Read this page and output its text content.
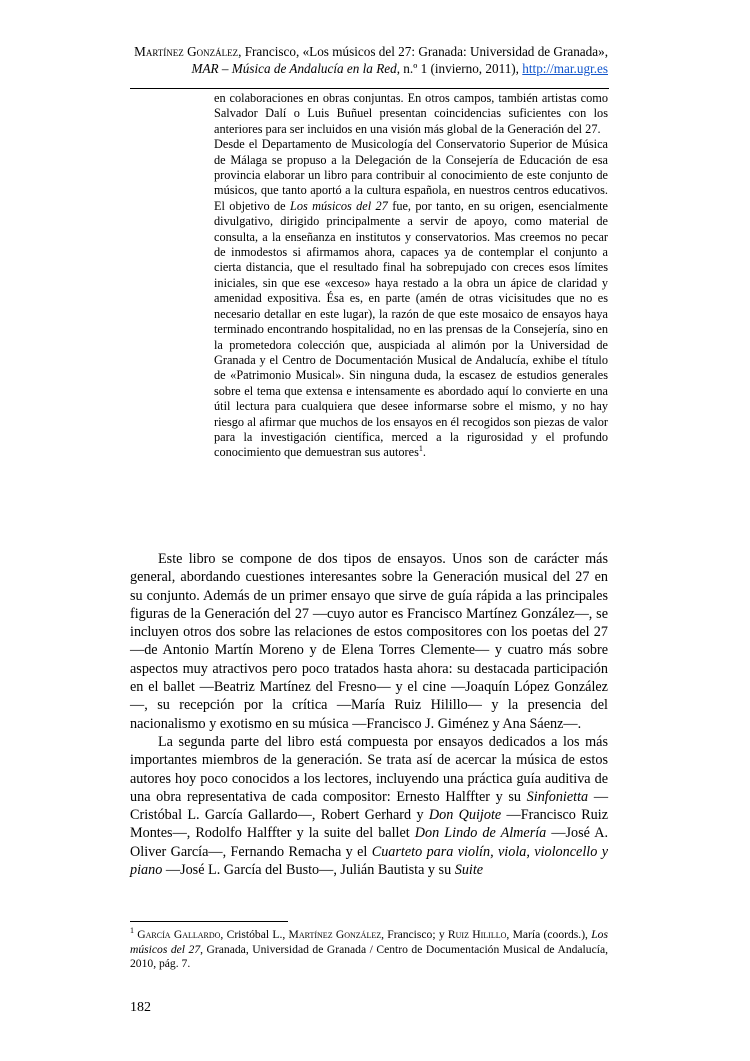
Martínez González, Francisco, «Los músicos del 27: Granada: Universidad de Granada»,
MAR – Música de Andalucía en la Red, n.º 1 (invierno, 2011), http://mar.ugr.es

en colaboraciones en obras conjuntas. En otros campos, también artistas como Salvador Dalí o Luis Buñuel presentan coincidencias suficientes con los anteriores para ser incluidos en una visión más global de la Generación del 27.

Desde el Departamento de Musicología del Conservatorio Superior de Música de Málaga se propuso a la Delegación de la Consejería de Educación de esa provincia elaborar un libro para contribuir al conocimiento de este conjunto de músicos, que tanto aportó a la cultura española, en nuestros centros educativos. El objetivo de Los músicos del 27 fue, por tanto, en su origen, esencialmente divulgativo, dirigido principalmente a servir de apoyo, como material de consulta, a la enseñanza en institutos y conservatorios. Mas creemos no pecar de inmodestos si afirmamos ahora, capaces ya de contemplar el conjunto a cierta distancia, que el resultado final ha sobrepujado con creces esos límites iniciales, sin que ese «exceso» haya restado a la obra un ápice de claridad y amenidad expositiva. Ésa es, en parte (amén de otras vicisitudes que no es necesario detallar en este lugar), la razón de que este mosaico de ensayos haya terminado encontrando hospitalidad, no en las prensas de la Consejería, sino en la prometedora colección que, auspiciada al alimón por la Universidad de Granada y el Centro de Documentación Musical de Andalucía, exhibe el título de «Patrimonio Musical». Sin ninguna duda, la escasez de estudios generales sobre el tema que extensa e intensamente es abordado aquí lo convierte en una útil lectura para cualquiera que desee informarse sobre el mismo, y no hay riesgo al afirmar que muchos de los ensayos en él recogidos son piezas de valor para la investigación científica, merced a la rigurosidad y el profundo conocimiento que demuestran sus autores$^1$.

Este libro se compone de dos tipos de ensayos. Unos son de carácter más general, abordando cuestiones interesantes sobre la Generación musical del 27 en su conjunto. Además de un primer ensayo que sirve de guía rápida a las principales figuras de la Generación del 27 —cuyo autor es Francisco Martínez González—, se incluyen otros dos sobre las relaciones de estos compositores con los poetas del 27 —de Antonio Martín Moreno y de Elena Torres Clemente— y cuatro más sobre aspectos muy atractivos pero poco tratados hasta ahora: su destacada participación en el ballet —Beatriz Martínez del Fresno— y el cine —Joaquín López González—, su recepción por la crítica —María Ruiz Hilillo— y la presencia del nacionalismo y exotismo en su música —Francisco J. Giménez y Ana Sáenz—.

La segunda parte del libro está compuesta por ensayos dedicados a los más importantes miembros de la generación. Se trata así de acercar la música de estos autores hoy poco conocidos a los lectores, incluyendo una práctica guía auditiva de una obra representativa de cada compositor: Ernesto Halffter y su Sinfonietta —Cristóbal L. García Gallardo—, Robert Gerhard y Don Quijote —Francisco Ruiz Montes—, Rodolfo Halffter y la suite del ballet Don Lindo de Almería —José A. Oliver García—, Fernando Remacha y el Cuarteto para violín, viola, violoncello y piano —José L. García del Busto—, Julián Bautista y su Suite

$^1$ García Gallardo, Cristóbal L., Martínez González, Francisco; y Ruiz Hilillo, María (coords.), Los músicos del 27, Granada, Universidad de Granada / Centro de Documentación Musical de Andalucía, 2010, pág. 7.
182
